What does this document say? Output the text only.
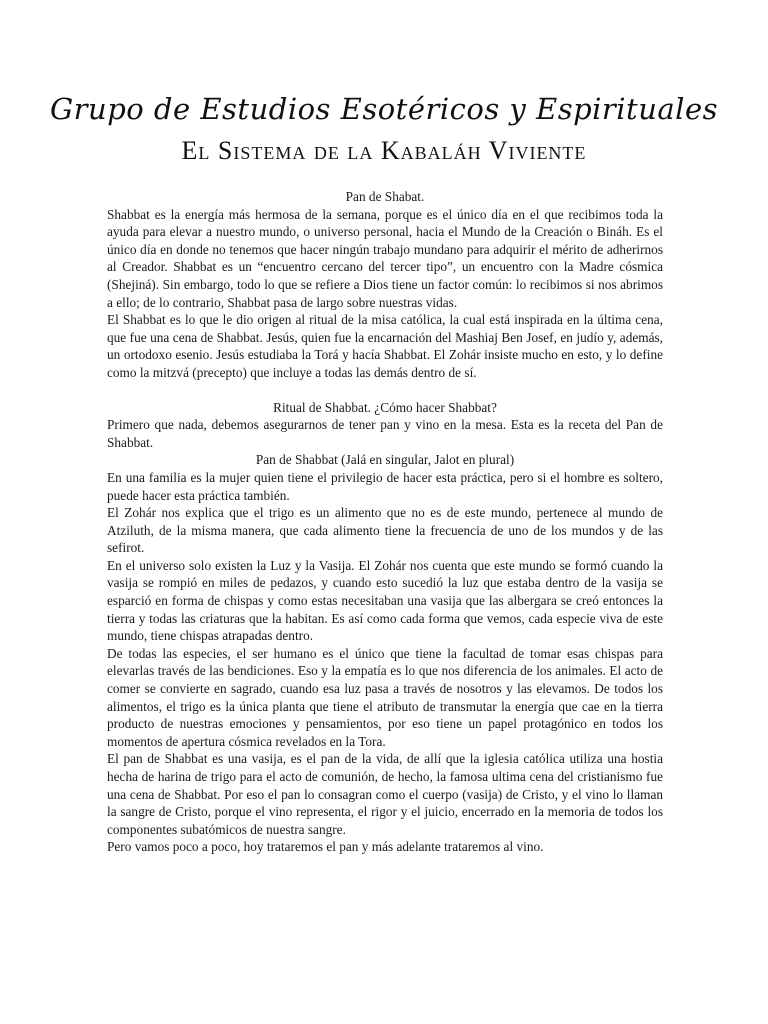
Grupo de Estudios Esotéricos y Espirituales
El Sistema de la Kabaláh Viviente

Pan de Shabat.

Shabbat es la energía más hermosa de la semana, porque es el único día en el que recibimos toda la ayuda para elevar a nuestro mundo, o universo personal, hacia el Mundo de la Creación o Bináh. Es el único día en donde no tenemos que hacer ningún trabajo mundano para adquirir el mérito de adherirnos al Creador. Shabbat es un “encuentro cercano del tercer tipo”, un encuentro con la Madre cósmica (Shejiná). Sin embargo, todo lo que se refiere a Dios tiene un factor común: lo recibimos si nos abrimos a ello; de lo contrario, Shabbat pasa de largo sobre nuestras vidas.

El Shabbat es lo que le dio origen al ritual de la misa católica, la cual está inspirada en la última cena, que fue una cena de Shabbat. Jesús, quien fue la encarnación del Mashiaj Ben Josef, en judío y, además, un ortodoxo esenio. Jesús estudiaba la Torá y hacía Shabbat. El Zohár insiste mucho en esto, y lo define como la mitzvá (precepto) que incluye a todas las demás dentro de sí.

Ritual de Shabbat. ¿Cómo hacer Shabbat?

Primero que nada, debemos asegurarnos de tener pan y vino en la mesa. Esta es la receta del Pan de Shabbat.

Pan de Shabbat (Jalá en singular, Jalot en plural)

En una familia es la mujer quien tiene el privilegio de hacer esta práctica, pero si el hombre es soltero, puede hacer esta práctica también.

El Zohár nos explica que el trigo es un alimento que no es de este mundo, pertenece al mundo de Atziluth, de la misma manera, que cada alimento tiene la frecuencia de uno de los mundos y de las sefirot.

En el universo solo existen la Luz y la Vasija. El Zohár nos cuenta que este mundo se formó cuando la vasija se rompió en miles de pedazos, y cuando esto sucedió la luz que estaba dentro de la vasija se esparció en forma de chispas y como estas necesitaban una vasija que las albergara se creó entonces la tierra y todas las criaturas que la habitan. Es así como cada forma que vemos, cada especie viva de este mundo, tiene chispas atrapadas dentro.

De todas las especies, el ser humano es el único que tiene la facultad de tomar esas chispas para elevarlas través de las bendiciones. Eso y la empatía es lo que nos diferencia de los animales. El acto de comer se convierte en sagrado, cuando esa luz pasa a través de nosotros y las elevamos. De todos los alimentos, el trigo es la única planta que tiene el atributo de transmutar la energía que cae en la tierra producto de nuestras emociones y pensamientos, por eso tiene un papel protagónico en todos los momentos de apertura cósmica revelados en la Tora.

El pan de Shabbat es una vasija, es el pan de la vida, de allí que la iglesia católica utiliza una hostia hecha de harina de trigo para el acto de comunión, de hecho, la famosa ultima cena del cristianismo fue una cena de Shabbat. Por eso el pan lo consagran como el cuerpo (vasija) de Cristo, y el vino lo llaman la sangre de Cristo, porque el vino representa, el rigor y el juicio, encerrado en la memoria de todos los componentes subatómicos de nuestra sangre.

Pero vamos poco a poco, hoy trataremos el pan y más adelante trataremos al vino.
